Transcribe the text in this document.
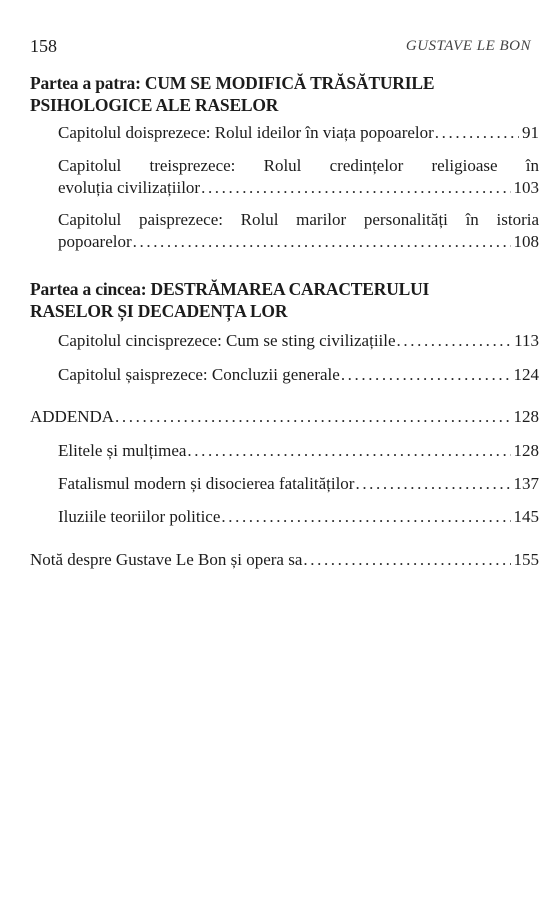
158	GUSTAVE LE BON
Partea a patra: CUM SE MODIFICĂ TRĂSĂTURILE
PSIHOLOGICE ALE RASELOR
Capitolul doisprezece: Rolul ideilor în viața popoarelor .....	91
Capitolul treisprezece: Rolul credințelor religioase în
evoluția civilizațiilor .....	103
Capitolul paisprezece: Rolul marilor personalități în istoria
popoarelor .....	108
Partea a cincea: DESTRĂMAREA CARACTERULUI
RASELOR ȘI DECADENȚA LOR
Capitolul cincisprezece: Cum se sting civilizațiile .....	113
Capitolul șaisprezece: Concluzii generale .....	124
ADDENDA .....	128
Elitele și mulțimea .....	128
Fatalismul modern și disocierea fatalităților .....	137
Iluziile teoriilor politice .....	145
Notă despre Gustave Le Bon și opera sa .....	155
